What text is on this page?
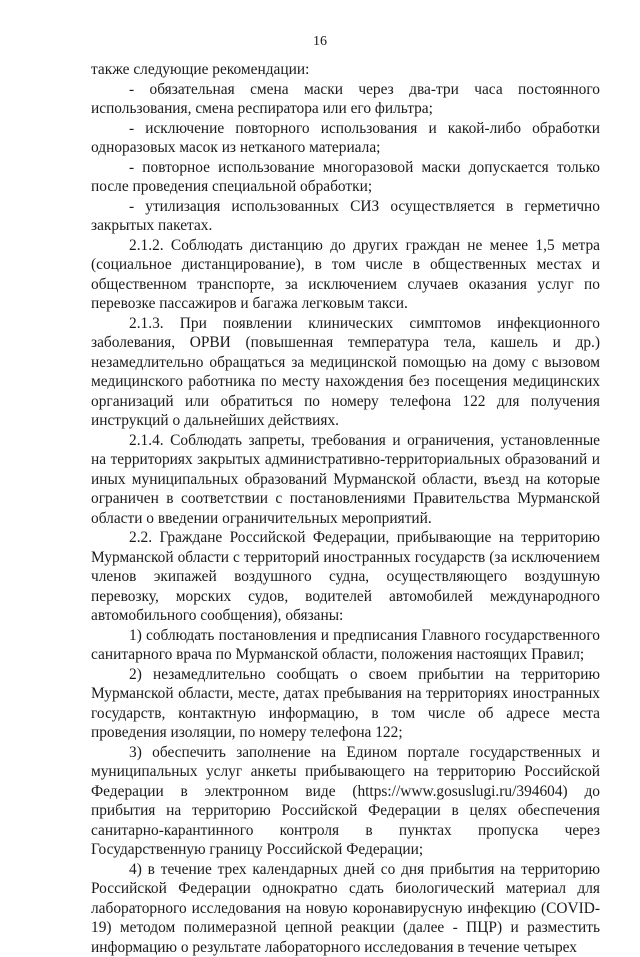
16

также следующие рекомендации:

- обязательная смена маски через два-три часа постоянного использования, смена респиратора или его фильтра;

- исключение повторного использования и какой-либо обработки одноразовых масок из нетканого материала;

- повторное использование многоразовой маски допускается только после проведения специальной обработки;

- утилизация использованных СИЗ осуществляется в герметично закрытых пакетах.

2.1.2. Соблюдать дистанцию до других граждан не менее 1,5 метра (социальное дистанцирование), в том числе в общественных местах и общественном транспорте, за исключением случаев оказания услуг по перевозке пассажиров и багажа легковым такси.

2.1.3. При появлении клинических симптомов инфекционного заболевания, ОРВИ (повышенная температура тела, кашель и др.) незамедлительно обращаться за медицинской помощью на дому с вызовом медицинского работника по месту нахождения без посещения медицинских организаций или обратиться по номеру телефона 122 для получения инструкций о дальнейших действиях.

2.1.4. Соблюдать запреты, требования и ограничения, установленные на территориях закрытых административно-территориальных образований и иных муниципальных образований Мурманской области, въезд на которые ограничен в соответствии с постановлениями Правительства Мурманской области о введении ограничительных мероприятий.

2.2. Граждане Российской Федерации, прибывающие на территорию Мурманской области с территорий иностранных государств (за исключением членов экипажей воздушного судна, осуществляющего воздушную перевозку, морских судов, водителей автомобилей международного автомобильного сообщения), обязаны:

1) соблюдать постановления и предписания Главного государственного санитарного врача по Мурманской области, положения настоящих Правил;

2) незамедлительно сообщать о своем прибытии на территорию Мурманской области, месте, датах пребывания на территориях иностранных государств, контактную информацию, в том числе об адресе места проведения изоляции, по номеру телефона 122;

3) обеспечить заполнение на Едином портале государственных и муниципальных услуг анкеты прибывающего на территорию Российской Федерации в электронном виде (https://www.gosuslugi.ru/394604) до прибытия на территорию Российской Федерации в целях обеспечения санитарно-карантинного контроля в пунктах пропуска через Государственную границу Российской Федерации;

4) в течение трех календарных дней со дня прибытия на территорию Российской Федерации однократно сдать биологический материал для лабораторного исследования на новую коронавирусную инфекцию (COVID-19) методом полимеразной цепной реакции (далее - ПЦР) и разместить информацию о результате лабораторного исследования в течение четырех
